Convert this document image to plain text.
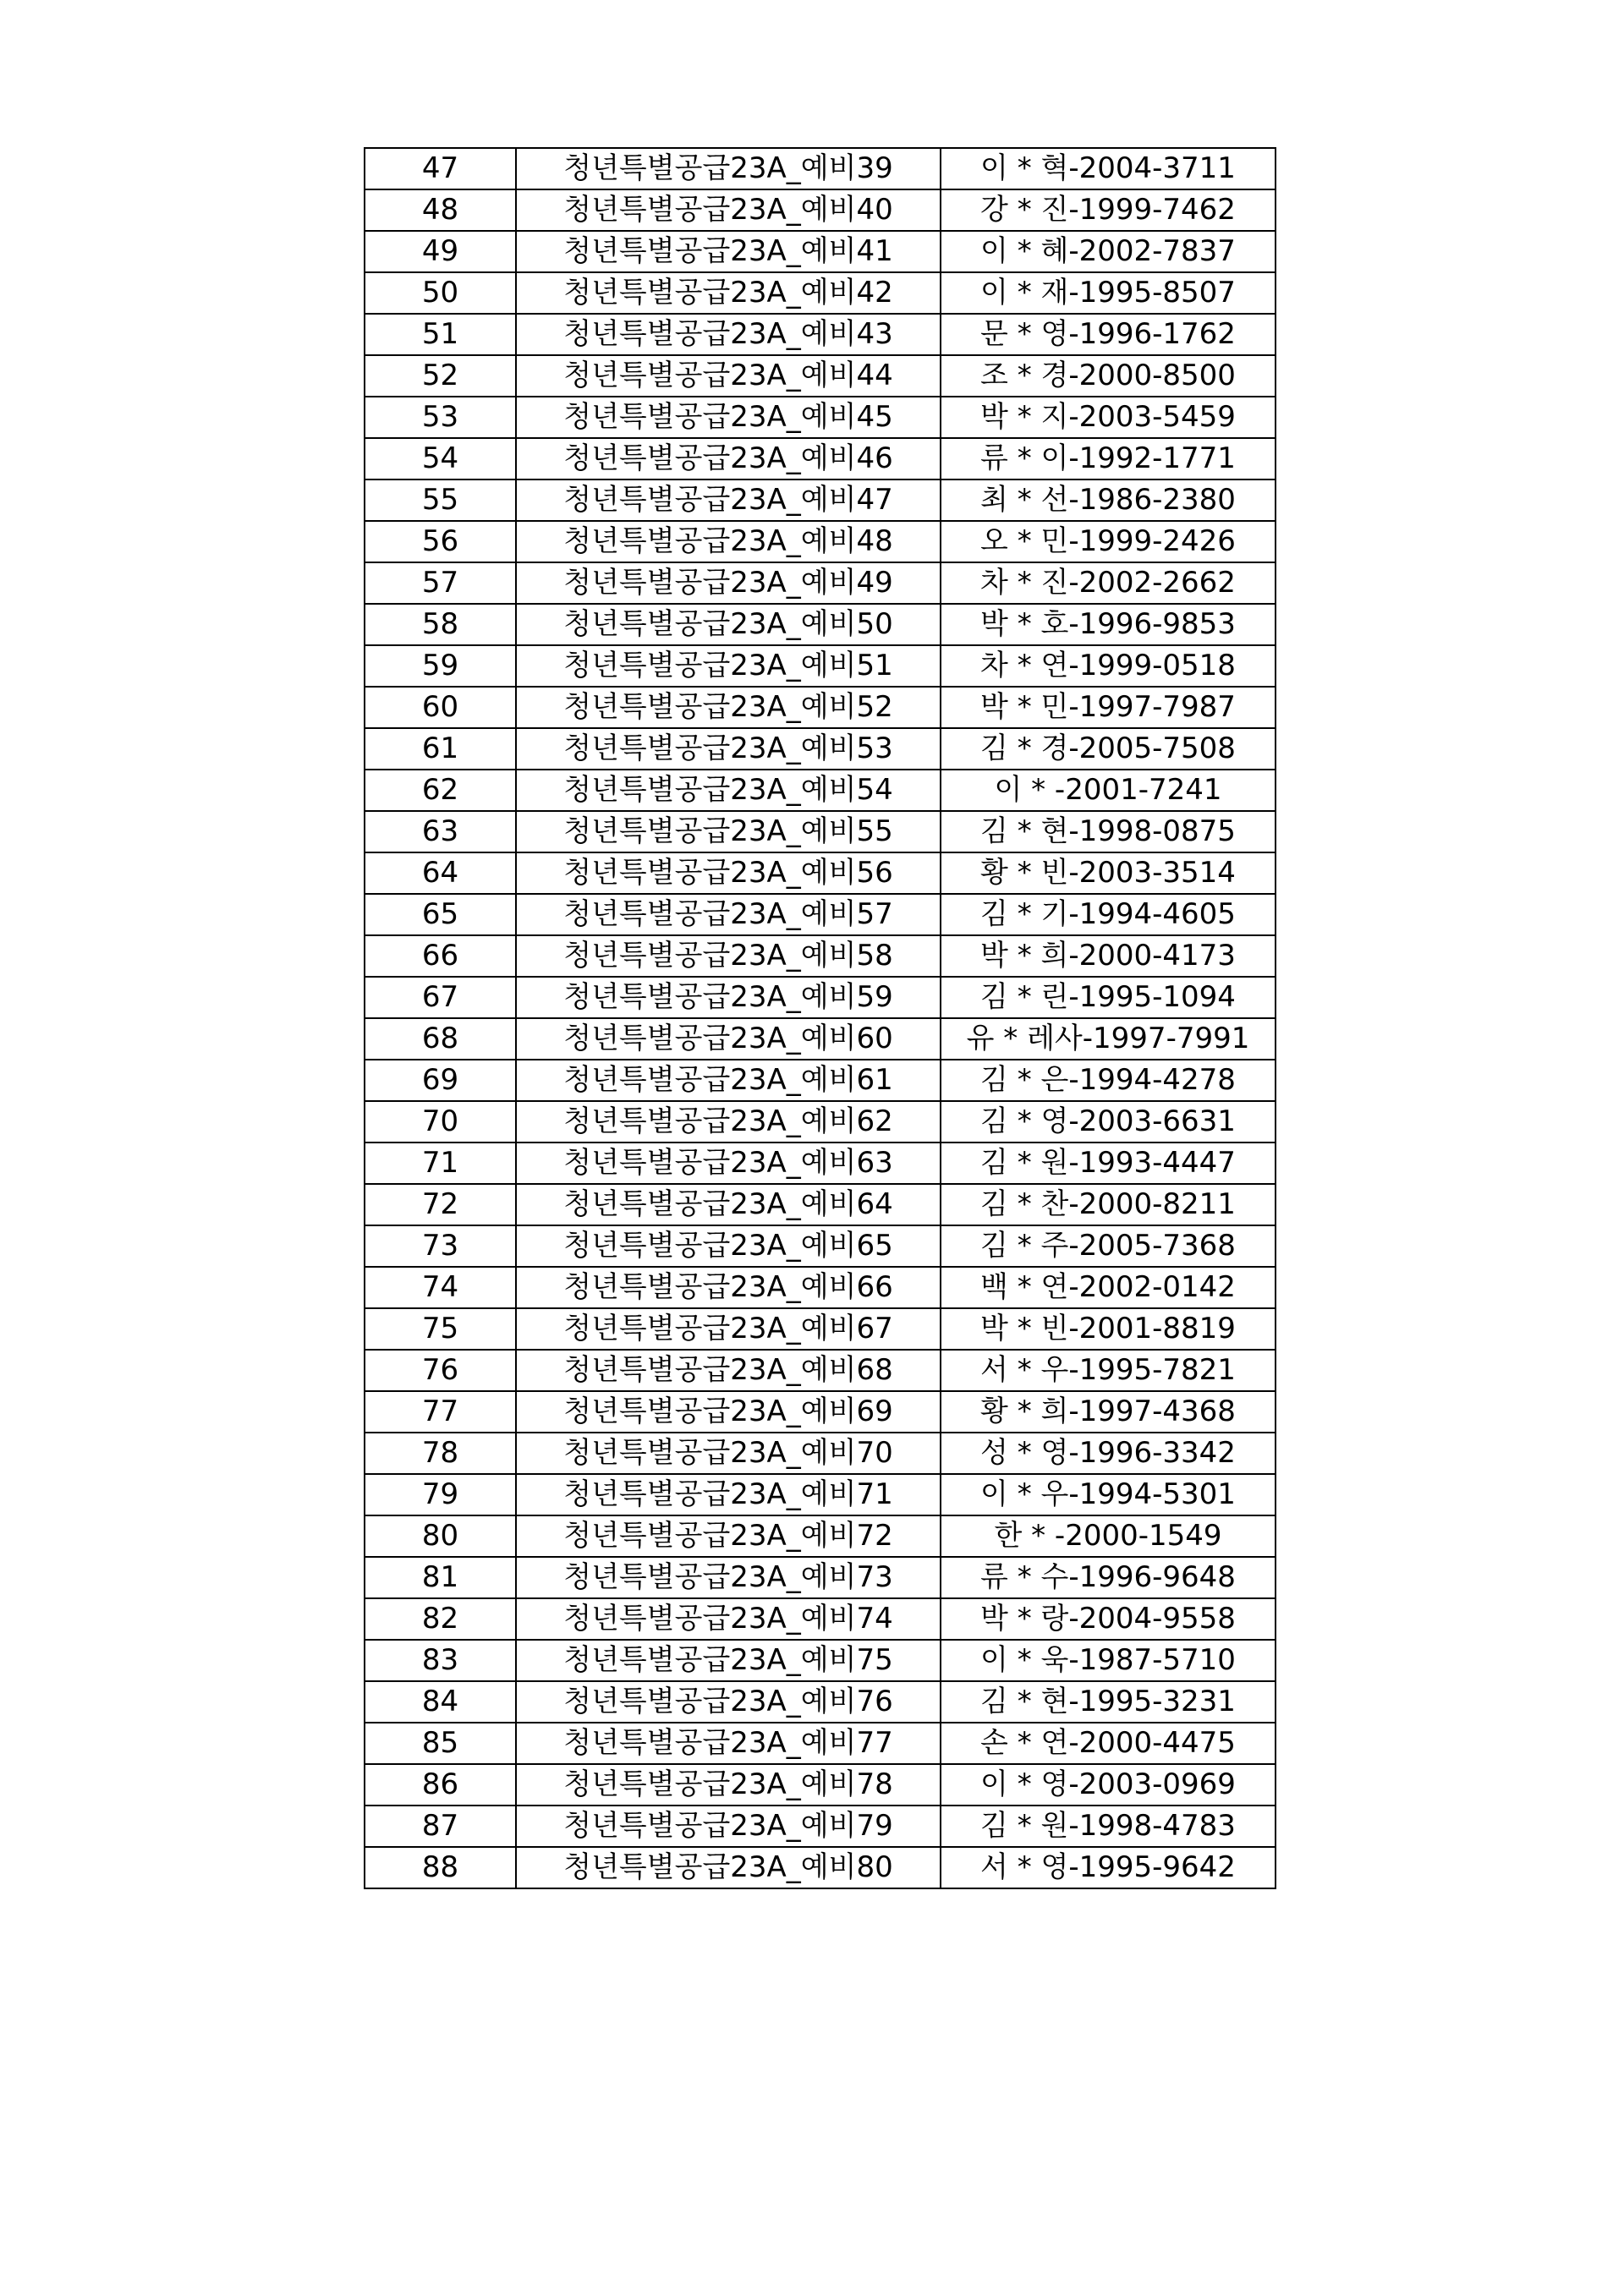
47	청년특별공급23A_예비39	이 * 혁-2004-3711
48	청년특별공급23A_예비40	강 * 진-1999-7462
49	청년특별공급23A_예비41	이 * 혜-2002-7837
50	청년특별공급23A_예비42	이 * 재-1995-8507
51	청년특별공급23A_예비43	문 * 영-1996-1762
52	청년특별공급23A_예비44	조 * 경-2000-8500
53	청년특별공급23A_예비45	박 * 지-2003-5459
54	청년특별공급23A_예비46	류 * 이-1992-1771
55	청년특별공급23A_예비47	최 * 선-1986-2380
56	청년특별공급23A_예비48	오 * 민-1999-2426
57	청년특별공급23A_예비49	차 * 진-2002-2662
58	청년특별공급23A_예비50	박 * 호-1996-9853
59	청년특별공급23A_예비51	차 * 연-1999-0518
60	청년특별공급23A_예비52	박 * 민-1997-7987
61	청년특별공급23A_예비53	김 * 경-2005-7508
62	청년특별공급23A_예비54	이 * -2001-7241
63	청년특별공급23A_예비55	김 * 현-1998-0875
64	청년특별공급23A_예비56	황 * 빈-2003-3514
65	청년특별공급23A_예비57	김 * 기-1994-4605
66	청년특별공급23A_예비58	박 * 희-2000-4173
67	청년특별공급23A_예비59	김 * 린-1995-1094
68	청년특별공급23A_예비60	유 * 레사-1997-7991
69	청년특별공급23A_예비61	김 * 은-1994-4278
70	청년특별공급23A_예비62	김 * 영-2003-6631
71	청년특별공급23A_예비63	김 * 원-1993-4447
72	청년특별공급23A_예비64	김 * 찬-2000-8211
73	청년특별공급23A_예비65	김 * 주-2005-7368
74	청년특별공급23A_예비66	백 * 연-2002-0142
75	청년특별공급23A_예비67	박 * 빈-2001-8819
76	청년특별공급23A_예비68	서 * 우-1995-7821
77	청년특별공급23A_예비69	황 * 희-1997-4368
78	청년특별공급23A_예비70	성 * 영-1996-3342
79	청년특별공급23A_예비71	이 * 우-1994-5301
80	청년특별공급23A_예비72	한 * -2000-1549
81	청년특별공급23A_예비73	류 * 수-1996-9648
82	청년특별공급23A_예비74	박 * 랑-2004-9558
83	청년특별공급23A_예비75	이 * 욱-1987-5710
84	청년특별공급23A_예비76	김 * 현-1995-3231
85	청년특별공급23A_예비77	손 * 연-2000-4475
86	청년특별공급23A_예비78	이 * 영-2003-0969
87	청년특별공급23A_예비79	김 * 원-1998-4783
88	청년특별공급23A_예비80	서 * 영-1995-9642
